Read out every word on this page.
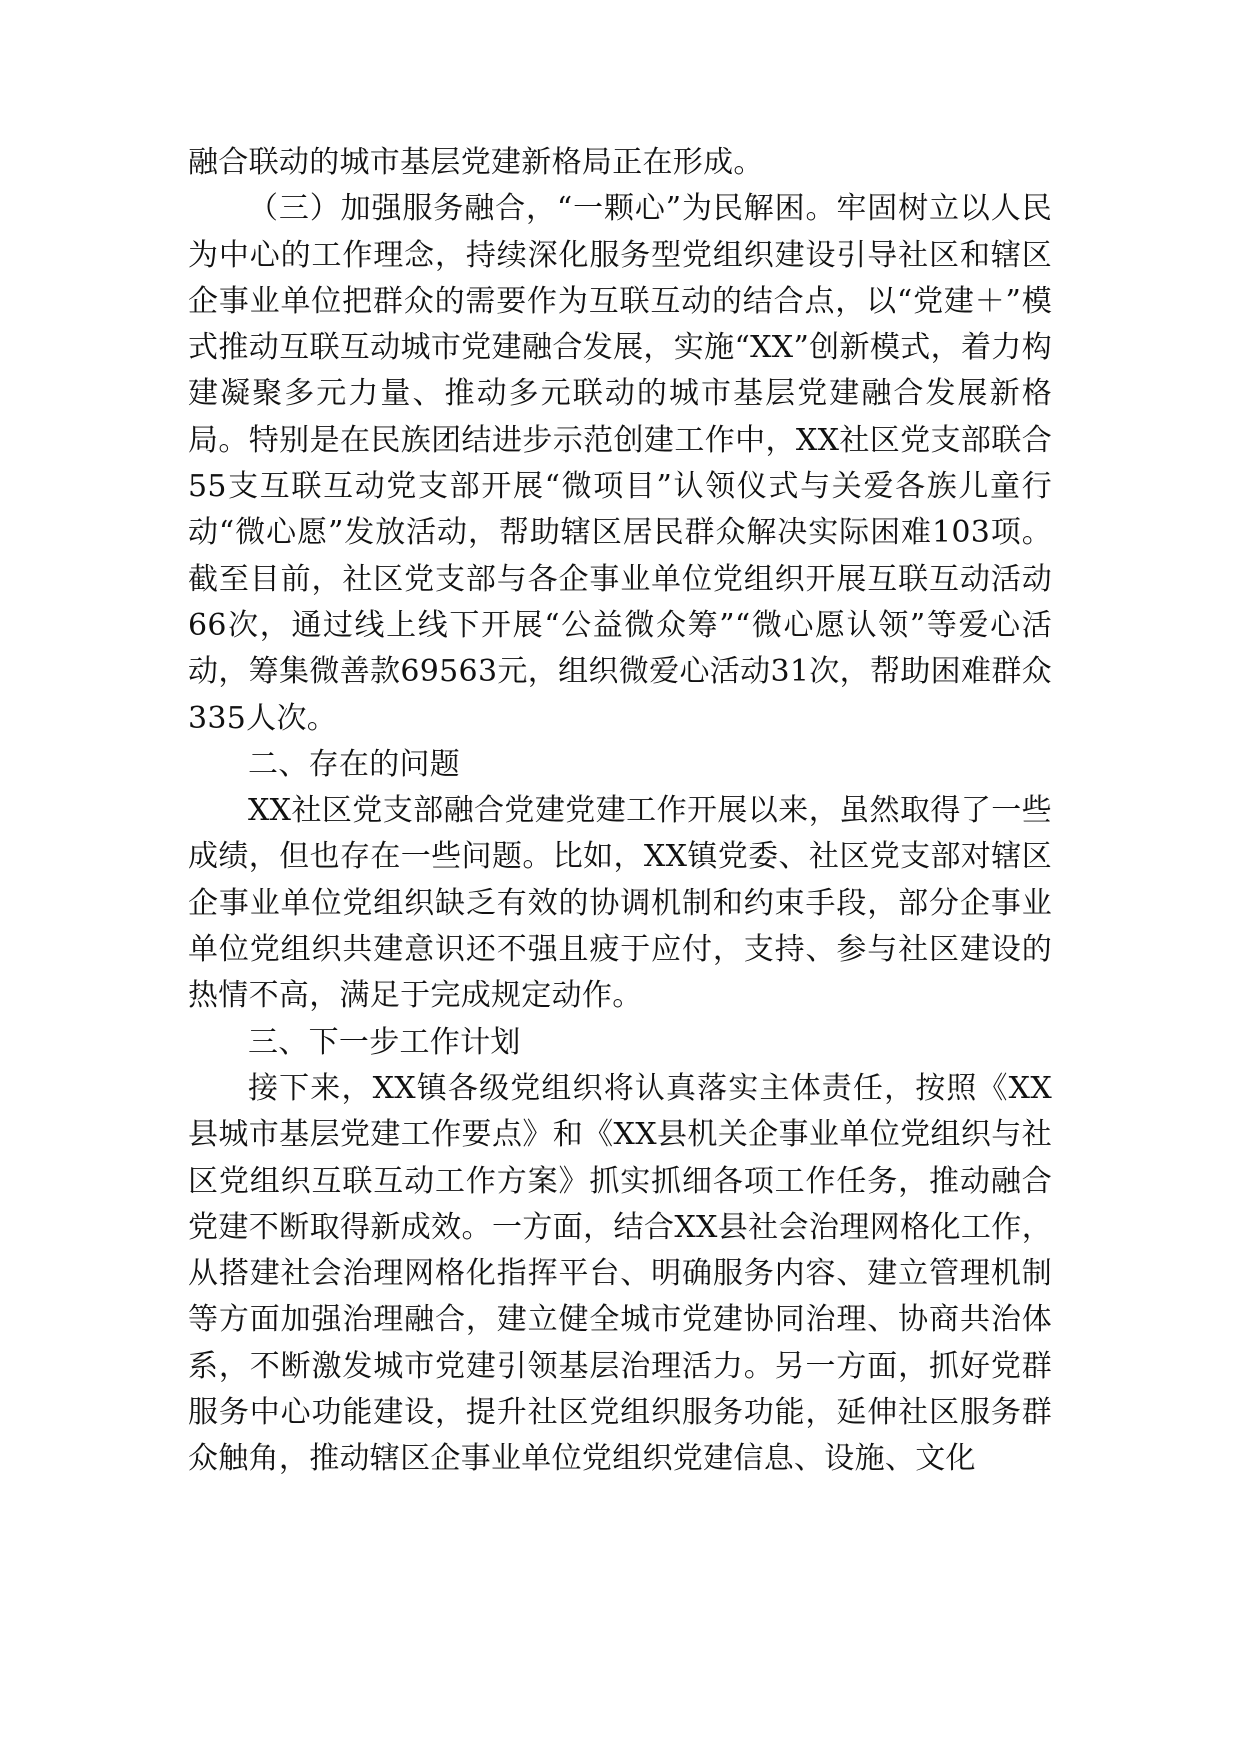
融合联动的城市基层党建新格局正在形成。

（三）加强服务融合，“一颗心”为民解困。牢固树立以人民为中心的工作理念，持续深化服务型党组织建设引导社区和辖区企事业单位把群众的需要作为互联互动的结合点，以“党建＋”模式推动互联互动城市党建融合发展，实施“XX”创新模式，着力构建凝聚多元力量、推动多元联动的城市基层党建融合发展新格局。特别是在民族团结进步示范创建工作中，XX社区党支部联合55支互联互动党支部开展“微项目”认领仪式与关爱各族儿童行动“微心愿”发放活动，帮助辖区居民群众解决实际困难103项。截至目前，社区党支部与各企事业单位党组织开展互联互动活动66次，通过线上线下开展“公益微众筹”“微心愿认领”等爱心活动，筹集微善款69563元，组织微爱心活动31次，帮助困难群众335人次。

二、存在的问题

XX社区党支部融合党建党建工作开展以来，虽然取得了一些成绩，但也存在一些问题。比如，XX镇党委、社区党支部对辖区企事业单位党组织缺乏有效的协调机制和约束手段，部分企事业单位党组织共建意识还不强且疲于应付，支持、参与社区建设的热情不高，满足于完成规定动作。

三、下一步工作计划

接下来，XX镇各级党组织将认真落实主体责任，按照《XX县城市基层党建工作要点》和《XX县机关企事业单位党组织与社区党组织互联互动工作方案》抓实抓细各项工作任务，推动融合党建不断取得新成效。一方面，结合XX县社会治理网格化工作，从搭建社会治理网格化指挥平台、明确服务内容、建立管理机制等方面加强治理融合，建立健全城市党建协同治理、协商共治体系，不断激发城市党建引领基层治理活力。另一方面，抓好党群服务中心功能建设，提升社区党组织服务功能，延伸社区服务群众触角，推动辖区企事业单位党组织党建信息、设施、文化
